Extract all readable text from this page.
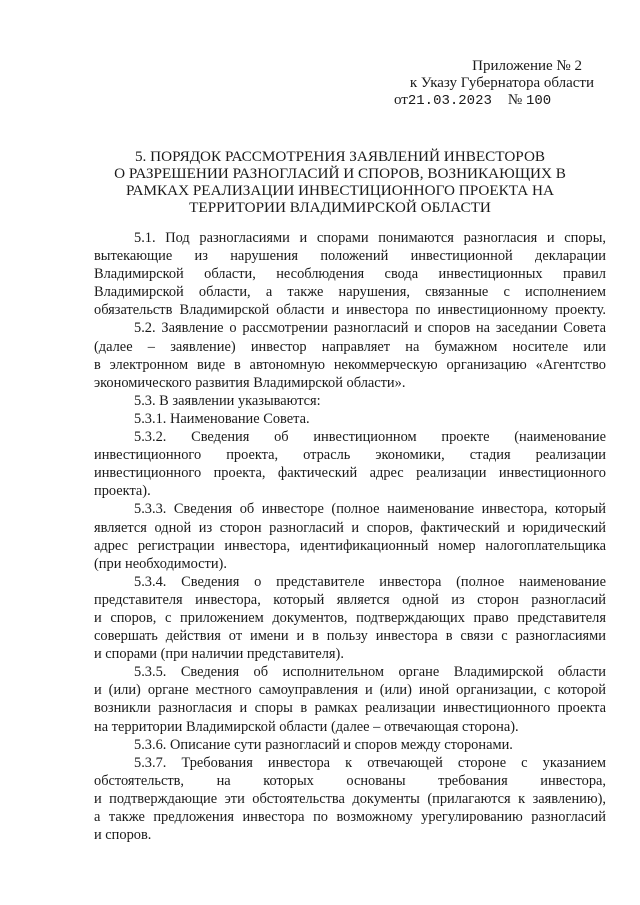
Приложение № 2
к Указу Губернатора области
от21.03.2023 № 100
5. ПОРЯДОК РАССМОТРЕНИЯ ЗАЯВЛЕНИЙ ИНВЕСТОРОВ
О РАЗРЕШЕНИИ РАЗНОГЛАСИЙ И СПОРОВ, ВОЗНИКАЮЩИХ В
РАМКАХ РЕАЛИЗАЦИИ ИНВЕСТИЦИОННОГО ПРОЕКТА НА
ТЕРРИТОРИИ ВЛАДИМИРСКОЙ ОБЛАСТИ
5.1. Под разногласиями и спорами понимаются разногласия и споры,
вытекающие из нарушения положений инвестиционной декларации
Владимирской области, несоблюдения свода инвестиционных правил
Владимирской области, а также нарушения, связанные с исполнением
обязательств Владимирской области и инвестора по инвестиционному проекту.
5.2. Заявление о рассмотрении разногласий и споров на заседании Совета
(далее – заявление) инвестор направляет на бумажном носителе или
в электронном виде в автономную некоммерческую организацию «Агентство
экономического развития Владимирской области».
5.3. В заявлении указываются:
5.3.1. Наименование Совета.
5.3.2. Сведения об инвестиционном проекте (наименование
инвестиционного проекта, отрасль экономики, стадия реализации
инвестиционного проекта, фактический адрес реализации инвестиционного
проекта).
5.3.3. Сведения об инвесторе (полное наименование инвестора, который
является одной из сторон разногласий и споров, фактический и юридический
адрес регистрации инвестора, идентификационный номер налогоплательщика
(при необходимости).
5.3.4. Сведения о представителе инвестора (полное наименование
представителя инвестора, который является одной из сторон разногласий
и споров, с приложением документов, подтверждающих право представителя
совершать действия от имени и в пользу инвестора в связи с разногласиями
и спорами (при наличии представителя).
5.3.5. Сведения об исполнительном органе Владимирской области
и (или) органе местного самоуправления и (или) иной организации, с которой
возникли разногласия и споры в рамках реализации инвестиционного проекта
на территории Владимирской области (далее – отвечающая сторона).
5.3.6. Описание сути разногласий и споров между сторонами.
5.3.7. Требования инвестора к отвечающей стороне с указанием
обстоятельств, на которых основаны требования инвестора,
и подтверждающие эти обстоятельства документы (прилагаются к заявлению),
а также предложения инвестора по возможному урегулированию разногласий
и споров.
